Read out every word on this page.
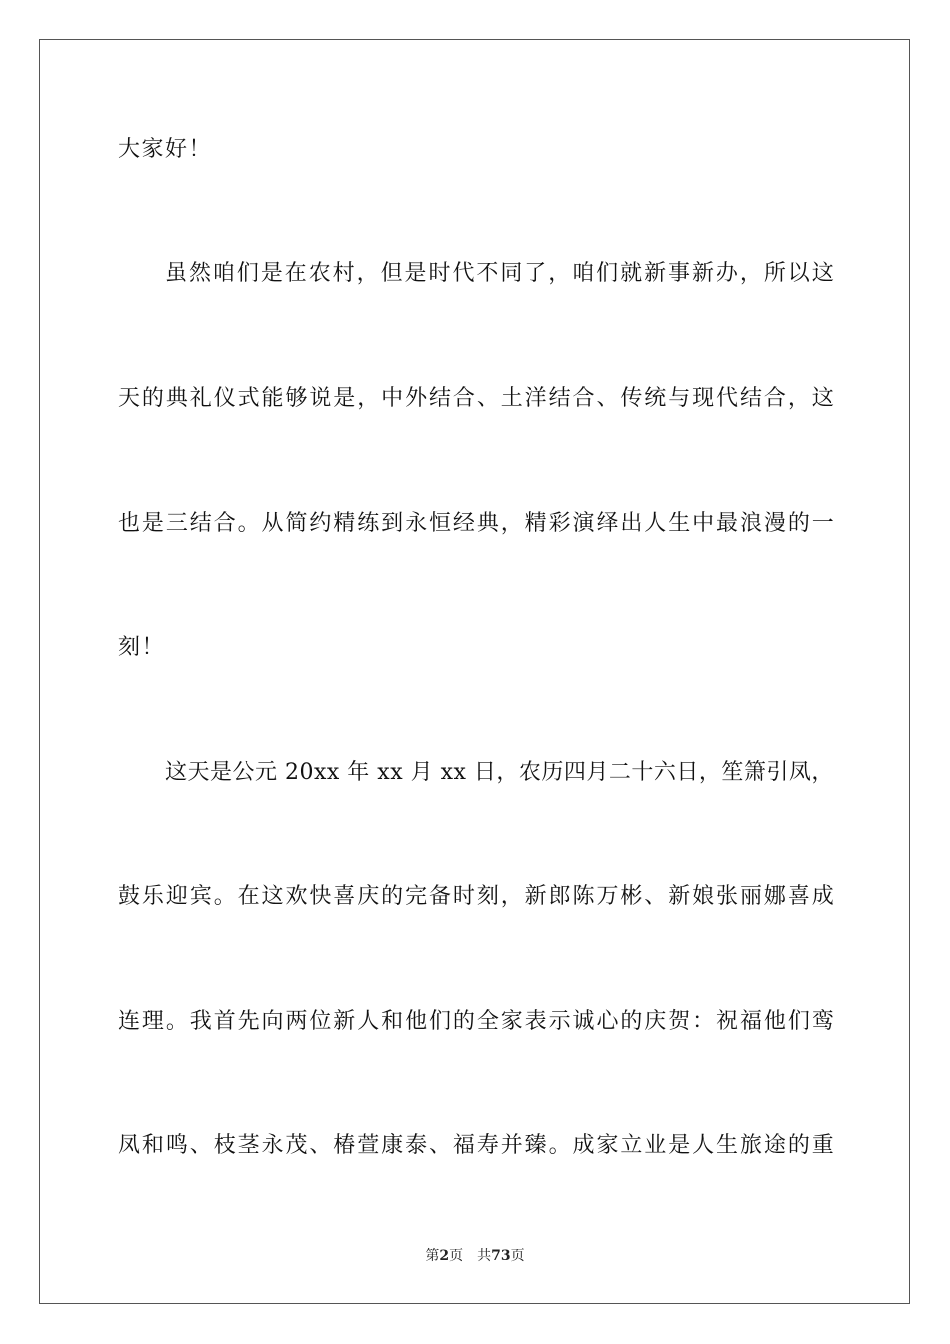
大家好！
虽 然 咱 们 是 在 农 村 ， 但 是 时 代 不 同 了 ， 咱 们 就 新 事 新 办 ， 所 以 这
天 的 典 礼 仪 式 能 够 说 是 ， 中 外 结 合 、 土 洋 结 合 、 传 统 与 现 代 结 合 ， 这
也 是 三 结 合 。 从 简 约 精 练 到 永 恒 经 典 ， 精 彩 演 绎 出 人 生 中 最 浪 漫 的 一
刻！
这天是公元 20xx 年 xx 月 xx 日，农历四月二十六日，笙箫引凤，
鼓 乐 迎 宾 。 在 这 欢 快 喜 庆 的 完 备 时 刻 ， 新 郎 陈 万 彬 、 新 娘 张 丽 娜 喜 成
连 理 。 我 首 先 向 两 位 新 人 和 他 们 的 全 家 表 示 诚 心 的 庆 贺 ： 祝 福 他 们 鸾
凤 和 鸣 、 枝 茎 永 茂 、 椿 萱 康 泰 、 福 寿 并 臻 。 成 家 立 业 是 人 生 旅 途 的 重
第2页 共73页
